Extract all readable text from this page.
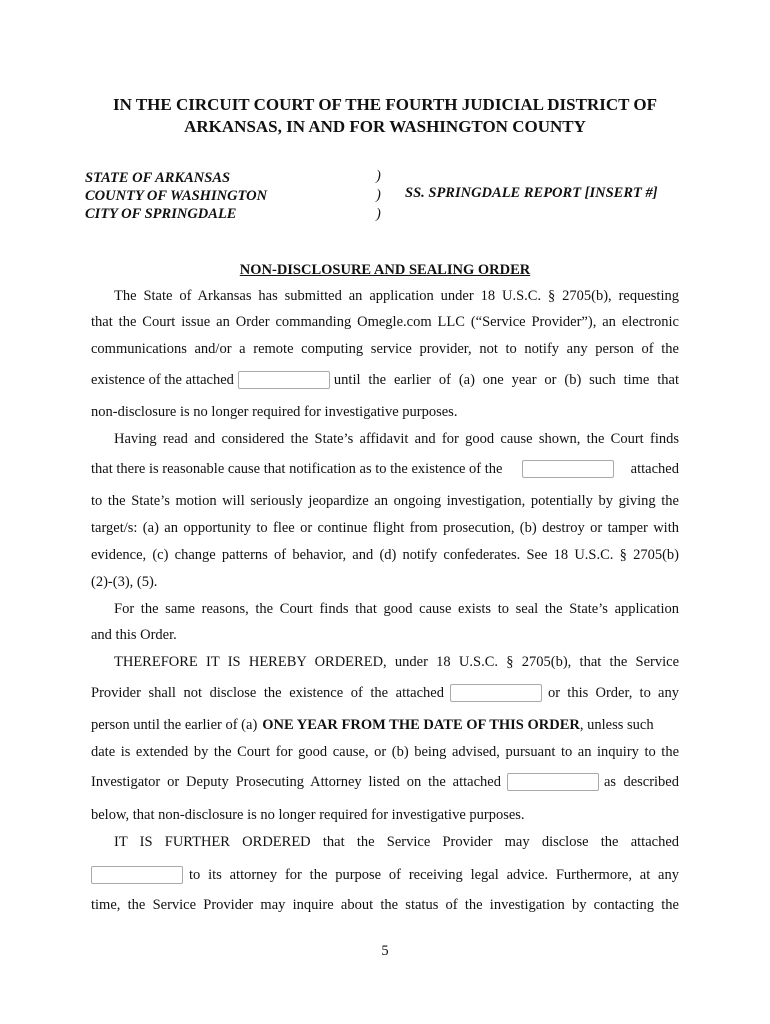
IN THE CIRCUIT COURT OF THE FOURTH JUDICIAL DISTRICT OF
ARKANSAS, IN AND FOR WASHINGTON COUNTY
STATE OF ARKANSAS
COUNTY OF WASHINGTON
CITY OF SPRINGDALE
)
)
)
SS. SPRINGDALE REPORT [INSERT #]
NON-DISCLOSURE AND SEALING ORDER
The State of Arkansas has submitted an application under 18 U.S.C. § 2705(b), requesting
that the Court issue an Order commanding Omegle.com LLC (“Service Provider”), an electronic
communications and/or a remote computing service provider, not to notify any person of the
existence of the attached	until the earlier of (a) one year or (b) such time that
non-disclosure is no longer required for investigative purposes.
Having read and considered the State’s affidavit and for good cause shown, the Court finds
that there is reasonable cause that notification as to the existence of the	attached
to the State’s motion will seriously jeopardize an ongoing investigation, potentially by giving the
target/s: (a) an opportunity to flee or continue flight from prosecution, (b) destroy or tamper with
evidence, (c) change patterns of behavior, and (d) notify confederates. See 18 U.S.C. § 2705(b)
(2)-(3), (5).
For the same reasons, the Court finds that good cause exists to seal the State’s application
and this Order.
THEREFORE IT IS HEREBY ORDERED, under 18 U.S.C. § 2705(b), that the Service
Provider shall not disclose the existence of the attached	or this Order, to any
person until the earlier of (a) ONE YEAR FROM THE DATE OF THIS ORDER, unless such
date is extended by the Court for good cause, or (b) being advised, pursuant to an inquiry to the
Investigator or Deputy Prosecuting Attorney listed on the attached	as described
below, that non-disclosure is no longer required for investigative purposes.
IT IS FURTHER ORDERED that the Service Provider may disclose the attached
to its attorney for the purpose of receiving legal advice. Furthermore, at any
time, the Service Provider may inquire about the status of the investigation by contacting the
5
